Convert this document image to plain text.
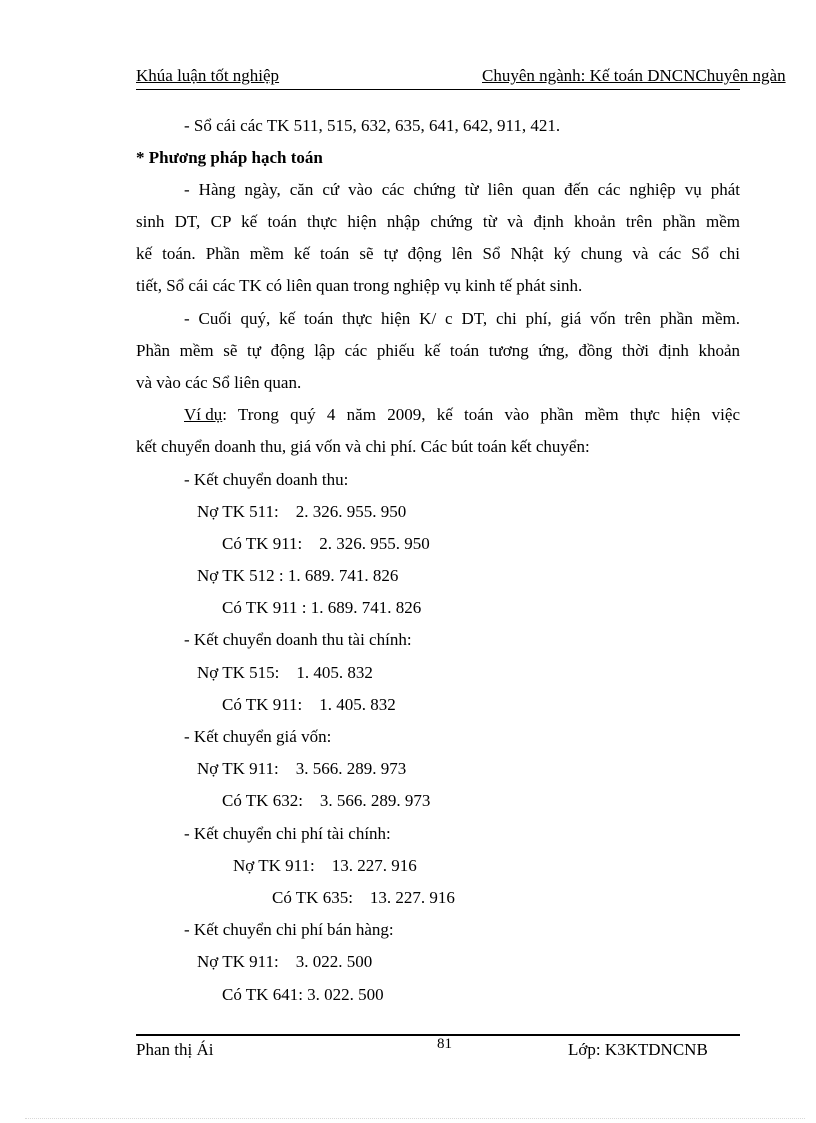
Khúa luận tốt nghiệp	Chuyên ngành: Kế toán DNCNChuyên ngàn
- Sổ cái các TK 511, 515, 632, 635, 641, 642, 911, 421.
* Phương pháp hạch toán
- Hàng ngày, căn cứ vào các chứng từ liên quan đến các nghiệp vụ phát
sinh DT, CP kế toán thực hiện nhập chứng từ và định khoản trên phần mềm
kế toán. Phần mềm kế toán sẽ tự động lên Sổ Nhật ký chung và các Sổ chi
tiết, Sổ cái các TK có liên quan trong nghiệp vụ kinh tế phát sinh.
- Cuối quý, kế toán thực hiện K/ c DT, chi phí, giá vốn trên phần mềm.
Phần mềm sẽ tự động lập các phiếu kế toán tương ứng, đồng thời định khoản
và vào các Sổ liên quan.
Ví dụ : Trong quý 4 năm 2009, kế toán vào phần mềm thực hiện việc
kết chuyển doanh thu, giá vốn và chi phí. Các bút toán kết chuyển:
- Kết chuyển doanh thu:
Nợ TK 511:    2. 326. 955. 950
Có TK 911:    2. 326. 955. 950
Nợ TK 512 : 1. 689. 741. 826
Có TK 911 : 1. 689. 741. 826
- Kết chuyển doanh thu tài chính:
Nợ TK 515:    1. 405. 832
Có TK 911:    1. 405. 832
- Kết chuyển giá vốn:
Nợ TK 911:    3. 566. 289. 973
Có TK 632:    3. 566. 289. 973
- Kết chuyển chi phí tài chính:
Nợ TK 911:    13. 227. 916
Có TK 635:    13. 227. 916
- Kết chuyển chi phí bán hàng:
Nợ TK 911:    3. 022. 500
Có TK 641: 3. 022. 500
Phan thị Ái	81	Lớp: K3KTDNCNB
